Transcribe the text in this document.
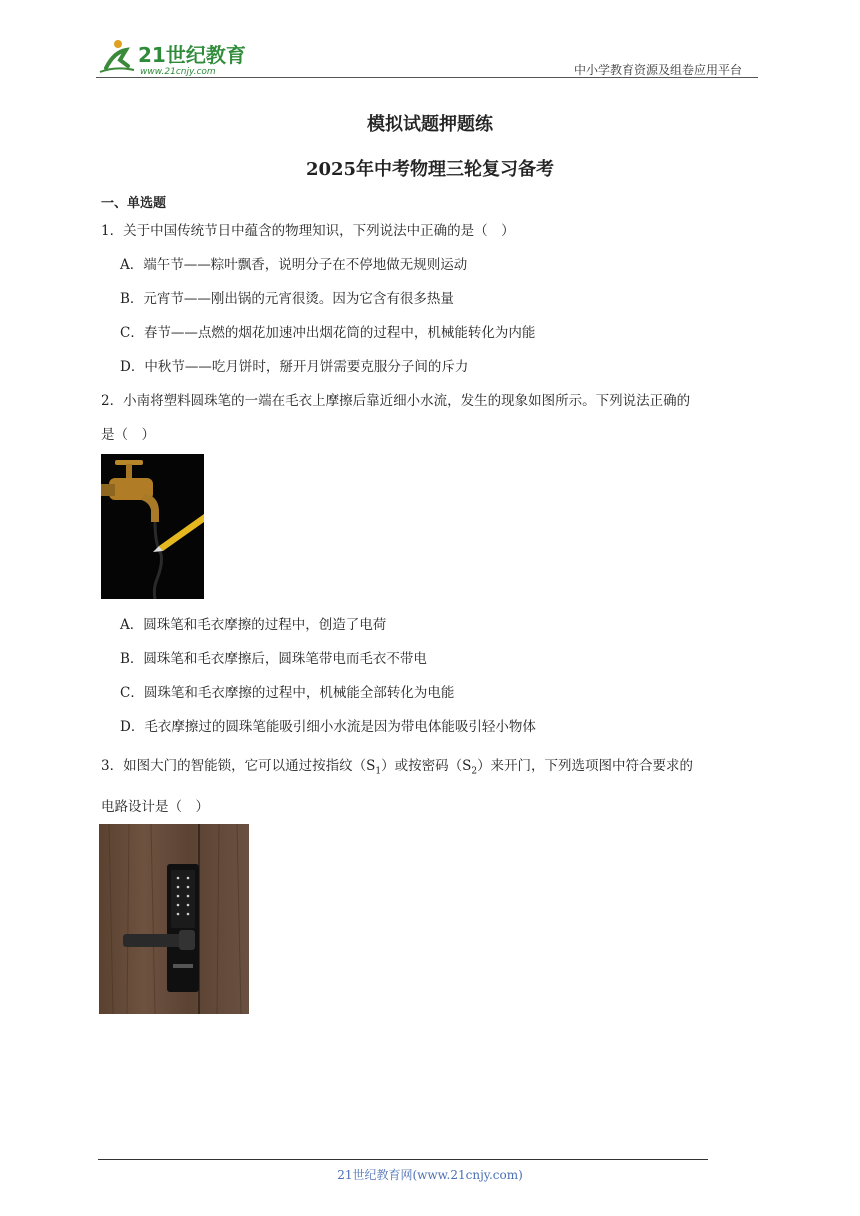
21世纪教育
www.21cnjy.com	中小学教育资源及组卷应用平台
模拟试题押题练
2025年中考物理三轮复习备考
一、单选题
1．关于中国传统节日中蕴含的物理知识，下列说法中正确的是（　）
A．端午节——粽叶飘香，说明分子在不停地做无规则运动
B．元宵节——刚出锅的元宵很烫。因为它含有很多热量
C．春节——点燃的烟花加速冲出烟花筒的过程中，机械能转化为内能
D．中秋节——吃月饼时，掰开月饼需要克服分子间的斥力
2．小南将塑料圆珠笔的一端在毛衣上摩擦后靠近细小水流，发生的现象如图所示。下列说法正确的
是（　）
A．圆珠笔和毛衣摩擦的过程中，创造了电荷
B．圆珠笔和毛衣摩擦后，圆珠笔带电而毛衣不带电
C．圆珠笔和毛衣摩擦的过程中，机械能全部转化为电能
D．毛衣摩擦过的圆珠笔能吸引细小水流是因为带电体能吸引轻小物体
3．如图大门的智能锁，它可以通过按指纹$(S_1)$或按密码$(S_2)$来开门，下列选项图中符合要求的
电路设计是（　）
21世纪教育网(www.21cnjy.com)
